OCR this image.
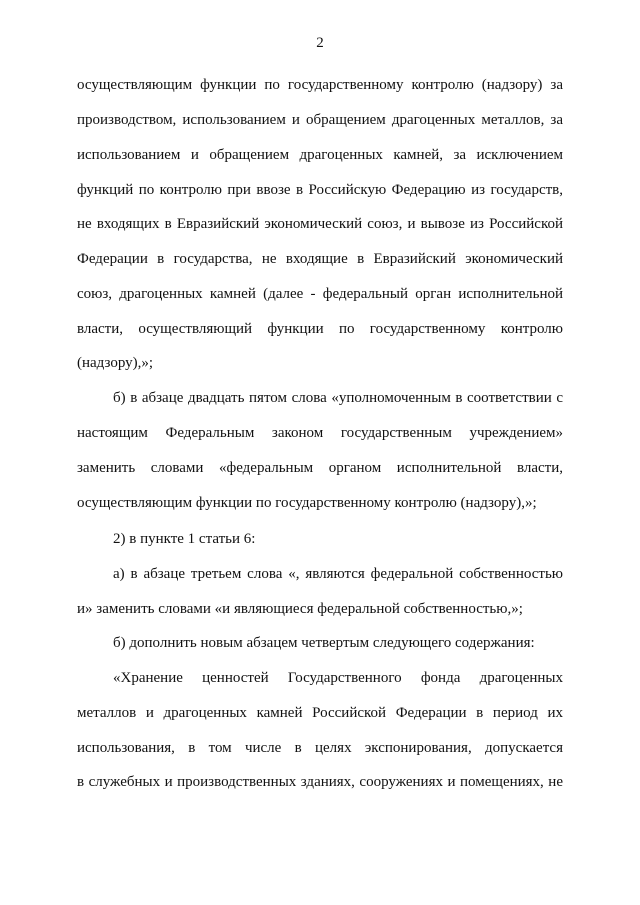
2
осуществляющим функции по государственному контролю (надзору) за
производством, использованием и обращением драгоценных металлов, за
использованием и обращением драгоценных камней, за исключением
функций по контролю при ввозе в Российскую Федерацию из государств,
не входящих в Евразийский экономический союз, и вывозе из Российской
Федерации в государства, не входящие в Евразийский экономический
союз, драгоценных камней (далее - федеральный орган исполнительной
власти, осуществляющий функции по государственному контролю
(надзору),»;
б) в абзаце двадцать пятом слова «уполномоченным в соответствии с
настоящим Федеральным законом государственным учреждением»
заменить словами «федеральным органом исполнительной власти,
осуществляющим функции по государственному контролю (надзору),»;
2) в пункте 1 статьи 6:
а) в абзаце третьем слова «, являются федеральной собственностью
и» заменить словами «и являющиеся федеральной собственностью,»;
б) дополнить новым абзацем четвертым следующего содержания:
«Хранение ценностей Государственного фонда драгоценных
металлов и драгоценных камней Российской Федерации в период их
использования, в том числе в целях экспонирования, допускается
в служебных и производственных зданиях, сооружениях и помещениях, не
